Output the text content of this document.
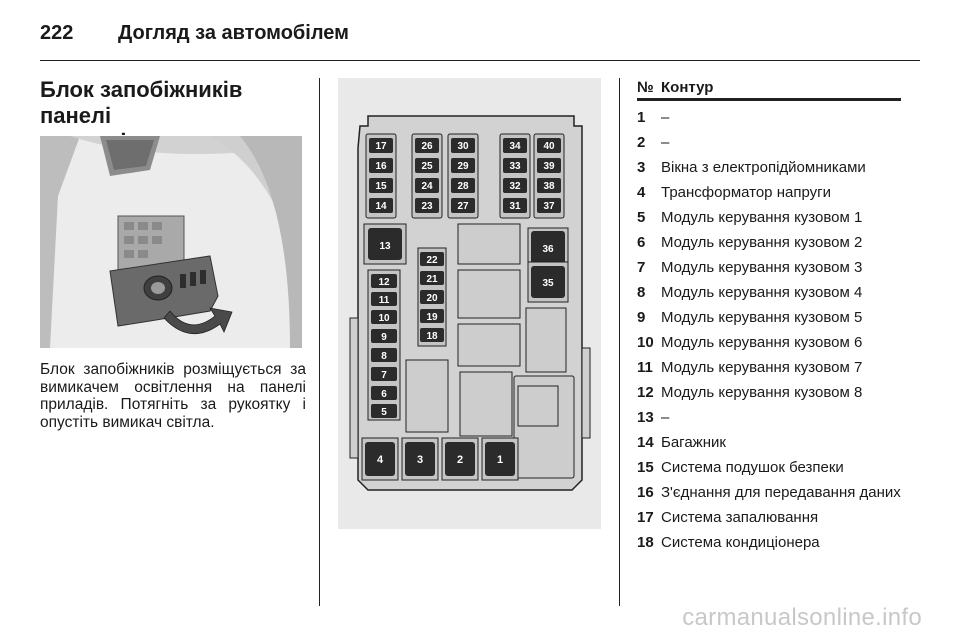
222	Догляд за автомобілем
Блок запобіжників панелі

Блок запобіжників розміщується за вимикачем освітлення на панелі приладів. Потягніть за рукоятку і опустіть вимикач світла.
17
16
15
14
26
25
24
23
30
29
28
27
34
33
32
31
40
39
38
37
13	36
35
22
21
20
19
18
12
11
10
9
8
7
6
5
4	3	2	1
№ Контур
1	–
2	–
3	Вікна з електропідйомниками
4	Трансформатор напруги
5	Модуль керування кузовом 1
6	Модуль керування кузовом 2
7	Модуль керування кузовом 3
8	Модуль керування кузовом 4
9	Модуль керування кузовом 5
10 Модуль керування кузовом 6
11 Модуль керування кузовом 7
12 Модуль керування кузовом 8
13 –
14 Багажник
15 Система подушок безпеки
16 З'єднання для передавання даних
17 Система запалювання
18 Система кондиціонера
carmanualsonline.info
